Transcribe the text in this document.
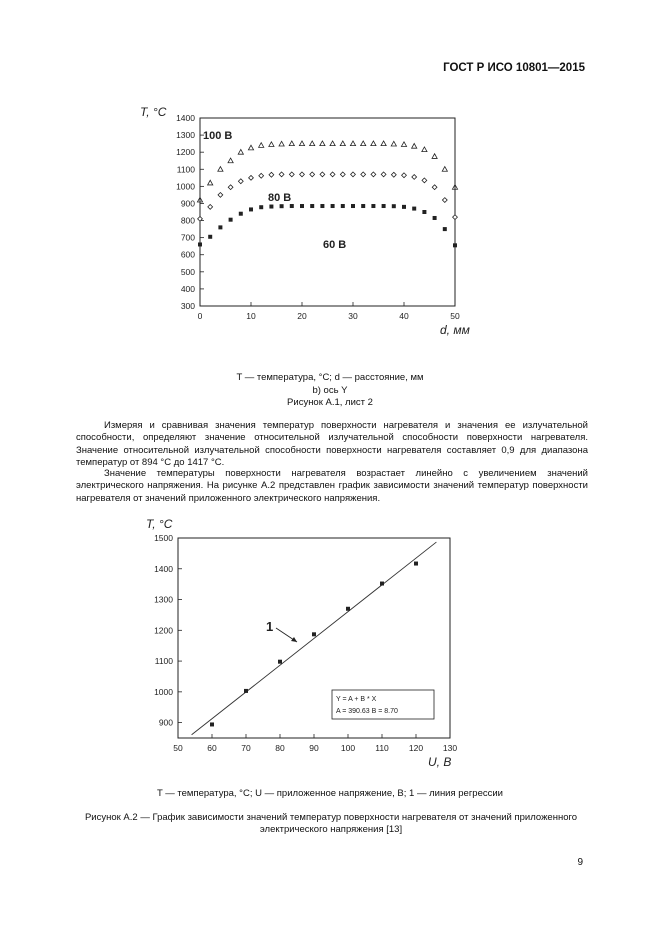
ГОСТ Р ИСО 10801—2015
0	10	20	30	40	50
300
400
500
600
700
800
900
1000
1100
1200
1300
1400
T, °C
d, мм
100 В
80 В
60 В
T — температура, °C; d — расстояние, мм
b) ось Y
Рисунок А.1, лист 2
Измеряя и сравнивая значения температур поверхности нагревателя и значения ее излучательной способности, определяют значение относительной излучательной способности поверхности нагревателя. Значение относительной излучательной способности поверхности нагревателя составляет 0,9 для диапазона температур от 894 °С до 1417 °С.
Значение температуры поверхности нагревателя возрастает линейно с увеличением значений электрического напряжения. На рисунке А.2 представлен график зависимости значений температур поверхности нагревателя от значений приложенного электрического напряжения.
50	60	70	80	90	100 110 120 130
900
1000
1100
1200
1300
1400
1500
T, °C
U, В
1
Y = A + B * X
A = 390.63 B = 8.70
T — температура, °C; U — приложенное напряжение, В; 1 — линия регрессии
Рисунок А.2 — График зависимости значений температур поверхности нагревателя от значений приложенного электрического напряжения [13]
9
